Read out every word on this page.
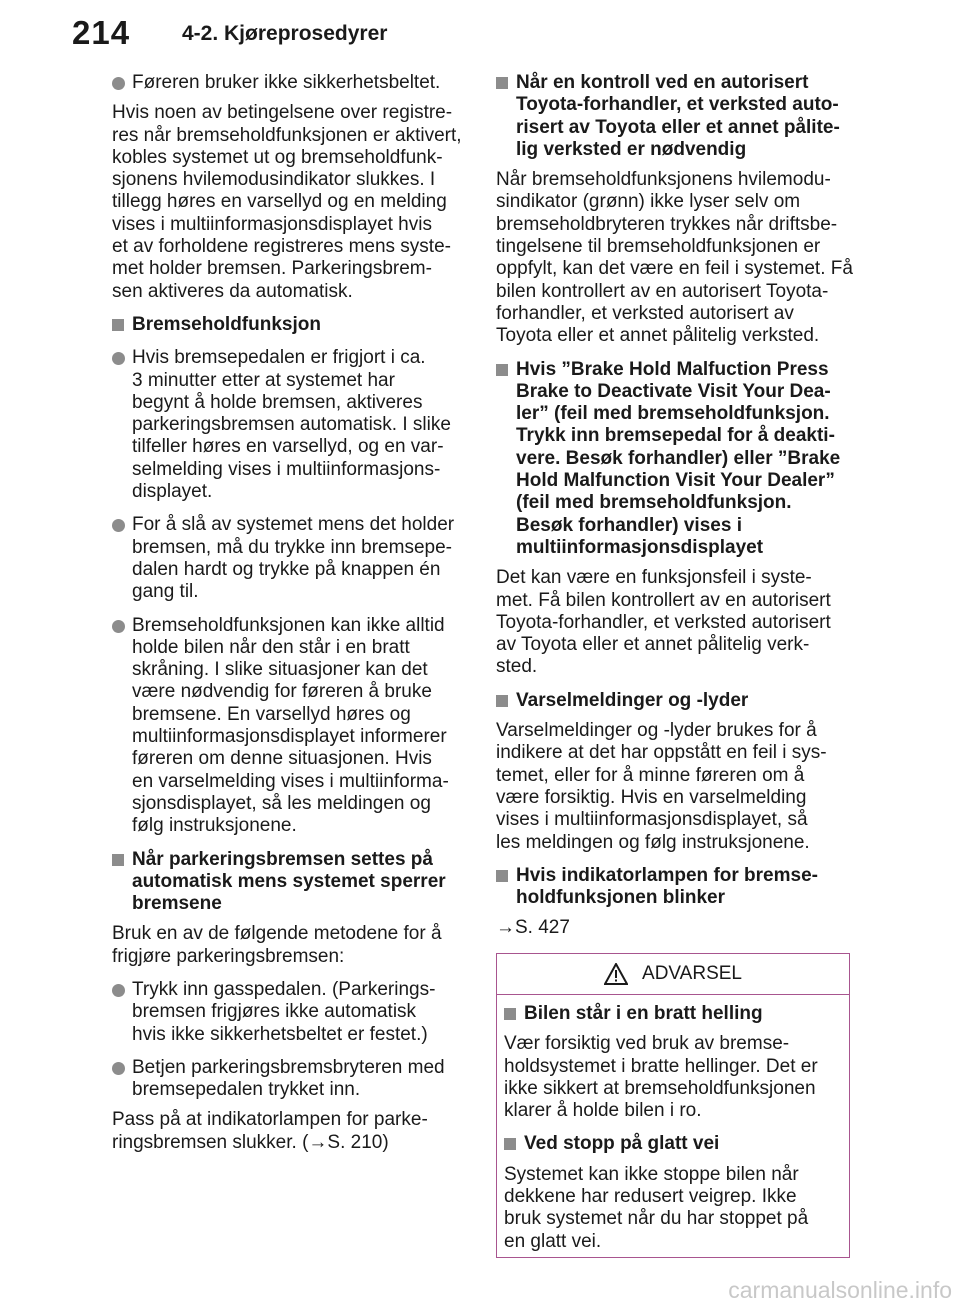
214 4-2. Kjøreprosedyrer

Føreren bruker ikke sikkerhetsbeltet.

Hvis noen av betingelsene over registre-
res når bremseholdfunksjonen er aktivert,
kobles systemet ut og bremseholdfunk-
sjonens hvilemodusindikator slukkes. I
tillegg høres en varsellyd og en melding
vises i multiinformasjonsdisplayet hvis
et av forholdene registreres mens syste-
met holder bremsen. Parkeringsbrem-
sen aktiveres da automatisk.

Bremseholdfunksjon

Hvis bremsepedalen er frigjort i ca.
3 minutter etter at systemet har
begynt å holde bremsen, aktiveres
parkeringsbremsen automatisk. I slike
tilfeller høres en varsellyd, og en var-
selmelding vises i multiinformasjons-
displayet.

For å slå av systemet mens det holder
bremsen, må du trykke inn bremsepe-
dalen hardt og trykke på knappen én
gang til.

Bremseholdfunksjonen kan ikke alltid
holde bilen når den står i en bratt
skråning. I slike situasjoner kan det
være nødvendig for føreren å bruke
bremsene. En varsellyd høres og
multiinformasjonsdisplayet informerer
føreren om denne situasjonen. Hvis
en varselmelding vises i multiinforma-
sjonsdisplayet, så les meldingen og
følg instruksjonene.

Når parkeringsbremsen settes på
automatisk mens systemet sperrer
bremsene

Bruk en av de følgende metodene for å
frigjøre parkeringsbremsen:

Trykk inn gasspedalen. (Parkerings-
bremsen frigjøres ikke automatisk
hvis ikke sikkerhetsbeltet er festet.)

Betjen parkeringsbremsbryteren med
bremsepedalen trykket inn.

Pass på at indikatorlampen for parke-
ringsbremsen slukker. (→S. 210)

Når en kontroll ved en autorisert
Toyota-forhandler, et verksted auto-
risert av Toyota eller et annet pålite-
lig verksted er nødvendig

Når bremseholdfunksjonens hvilemodu-
sindikator (grønn) ikke lyser selv om
bremseholdbryteren trykkes når driftsbe-
tingelsene til bremseholdfunksjonen er
oppfylt, kan det være en feil i systemet. Få
bilen kontrollert av en autorisert Toyota-
forhandler, et verksted autorisert av
Toyota eller et annet pålitelig verksted.

Hvis ”Brake Hold Malfuction Press
Brake to Deactivate Visit Your Dea-
ler” (feil med bremseholdfunksjon.
Trykk inn bremsepedal for å deakti-
vere. Besøk forhandler) eller ”Brake
Hold Malfunction Visit Your Dealer”
(feil med bremseholdfunksjon.
Besøk forhandler) vises i
multiinformasjonsdisplayet

Det kan være en funksjonsfeil i syste-
met. Få bilen kontrollert av en autorisert
Toyota-forhandler, et verksted autorisert
av Toyota eller et annet pålitelig verk-
sted.

Varselmeldinger og -lyder

Varselmeldinger og -lyder brukes for å
indikere at det har oppstått en feil i sys-
temet, eller for å minne føreren om å
være forsiktig. Hvis en varselmelding
vises i multiinformasjonsdisplayet, så
les meldingen og følg instruksjonene.

Hvis indikatorlampen for bremse-
holdfunksjonen blinker

→S. 427

ADVARSEL

Bilen står i en bratt helling

Vær forsiktig ved bruk av bremse-
holdsystemet i bratte hellinger. Det er
ikke sikkert at bremseholdfunksjonen
klarer å holde bilen i ro.

Ved stopp på glatt vei

Systemet kan ikke stoppe bilen når
dekkene har redusert veigrep. Ikke
bruk systemet når du har stoppet på
en glatt vei.

carmanualsonline.info
